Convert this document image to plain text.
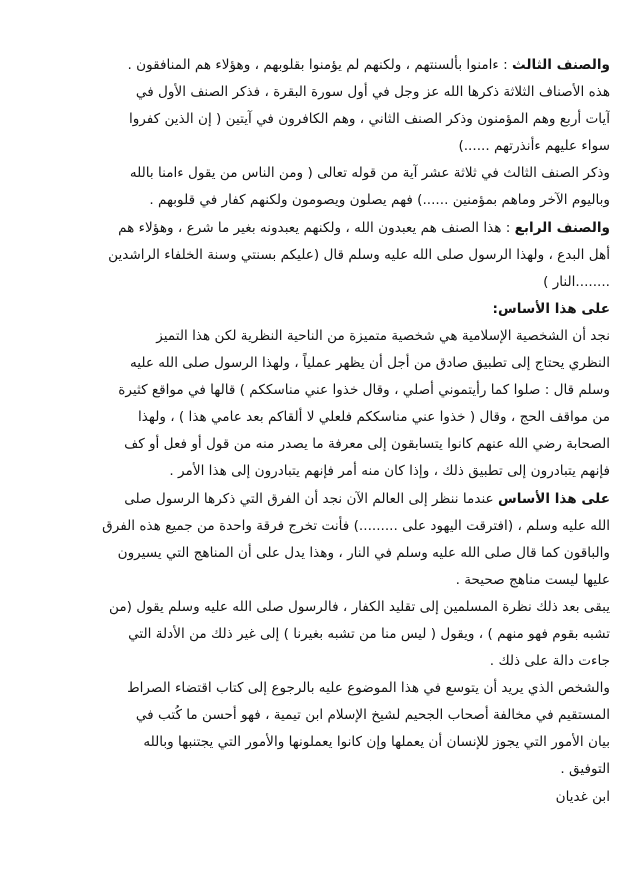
والصنف الثالث : ءامنوا بألسنتهم ، ولكنهم لم يؤمنوا بقلوبهم ، وهؤلاء هم المنافقون .
هذه الأصناف الثلاثة ذكرها الله عز وجل في أول سورة البقرة ، فذكر الصنف الأول في
آيات أربع وهم المؤمنون وذكر الصنف الثاني ، وهم الكافرون في آيتين ( إن الذين كفروا
سواء عليهم ءأنذرتهم ......)
وذكر الصنف الثالث في ثلاثة عشر آية من قوله تعالى ( ومن الناس من يقول ءامنا بالله
وباليوم الآخر وماهم بمؤمنين ......) فهم يصلون ويصومون ولكنهم كفار في قلوبهم .
والصنف الرابع : هذا الصنف هم يعبدون الله ، ولكنهم يعبدونه بغير ما شرع ، وهؤلاء هم
أهل البدع ، ولهذا الرسول صلى الله عليه وسلم قال (عليكم بسنتي وسنة الخلفاء الراشدين
........النار )
على هذا الأساس:
نجد أن الشخصية الإسلامية هي شخصية متميزة من الناحية النظرية لكن هذا التميز
النظري يحتاج إلى تطبيق صادق من أجل أن يظهر عملياً ، ولهذا الرسول صلى الله عليه
وسلم قال : صلوا كما رأيتموني أصلي ، وقال خذوا عني مناسككم ) قالها في مواقع كثيرة
من مواقف الحج ، وقال ( خذوا عني مناسككم فلعلي لا ألقاكم بعد عامي هذا ) ، ولهذا
الصحابة رضي الله عنهم كانوا يتسابقون إلى معرفة ما يصدر منه من قول أو فعل أو كف
فإنهم يتبادرون إلى تطبيق ذلك ، وإذا كان منه أمر فإنهم يتبادرون إلى هذا الأمر .
على هذا الأساس عندما ننظر إلى العالم الآن نجد أن الفرق التي ذكرها الرسول صلى
الله عليه وسلم ، (افترقت اليهود على .........) فأنت تخرج فرقة واحدة من جميع هذه الفرق
والباقون كما قال صلى الله عليه وسلم في النار ، وهذا يدل على أن المناهج التي يسيرون
عليها ليست مناهج صحيحة .
يبقى بعد ذلك نظرة المسلمين إلى تقليد الكفار ، فالرسول صلى الله عليه وسلم يقول (من
تشبه بقوم فهو منهم ) ، ويقول ( ليس منا من تشبه بغيرنا ) إلى غير ذلك من الأدلة التي
جاءت دالة على ذلك .
والشخص الذي يريد أن يتوسع في هذا الموضوع عليه بالرجوع إلى كتاب اقتضاء الصراط
المستقيم في مخالفة أصحاب الجحيم لشيخ الإسلام ابن تيمية ، فهو أحسن ما كُتب في
بيان الأمور التي يجوز للإنسان أن يعملها وإن كانوا يعملونها والأمور التي يجتنبها وبالله
التوفيق .
ابن غديان
